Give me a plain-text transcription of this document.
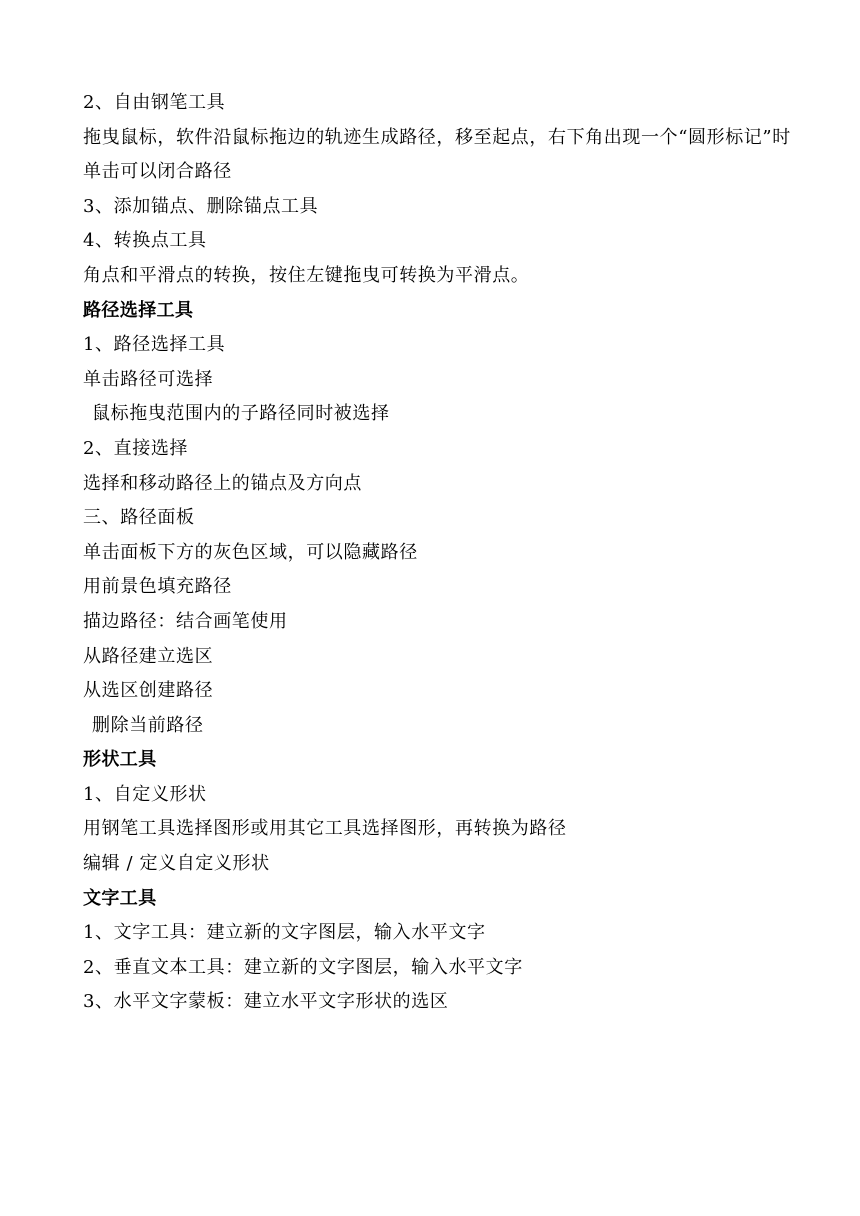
2、自由钢笔工具
拖曳鼠标，软件沿鼠标拖边的轨迹生成路径，移至起点，右下角出现一个“圆形标记”时单击可以闭合路径
3、添加锚点、删除锚点工具
4、转换点工具
角点和平滑点的转换，按住左键拖曳可转换为平滑点。
路径选择工具
1、路径选择工具
单击路径可选择
鼠标拖曳范围内的子路径同时被选择
2、直接选择
选择和移动路径上的锚点及方向点
三、路径面板
单击面板下方的灰色区域，可以隐藏路径
用前景色填充路径
描边路径：结合画笔使用
从路径建立选区
从选区创建路径
删除当前路径
形状工具
1、自定义形状
用钢笔工具选择图形或用其它工具选择图形，再转换为路径
编辑 / 定义自定义形状
文字工具
1、文字工具：建立新的文字图层，输入水平文字
2、垂直文本工具：建立新的文字图层，输入水平文字
3、水平文字蒙板：建立水平文字形状的选区
